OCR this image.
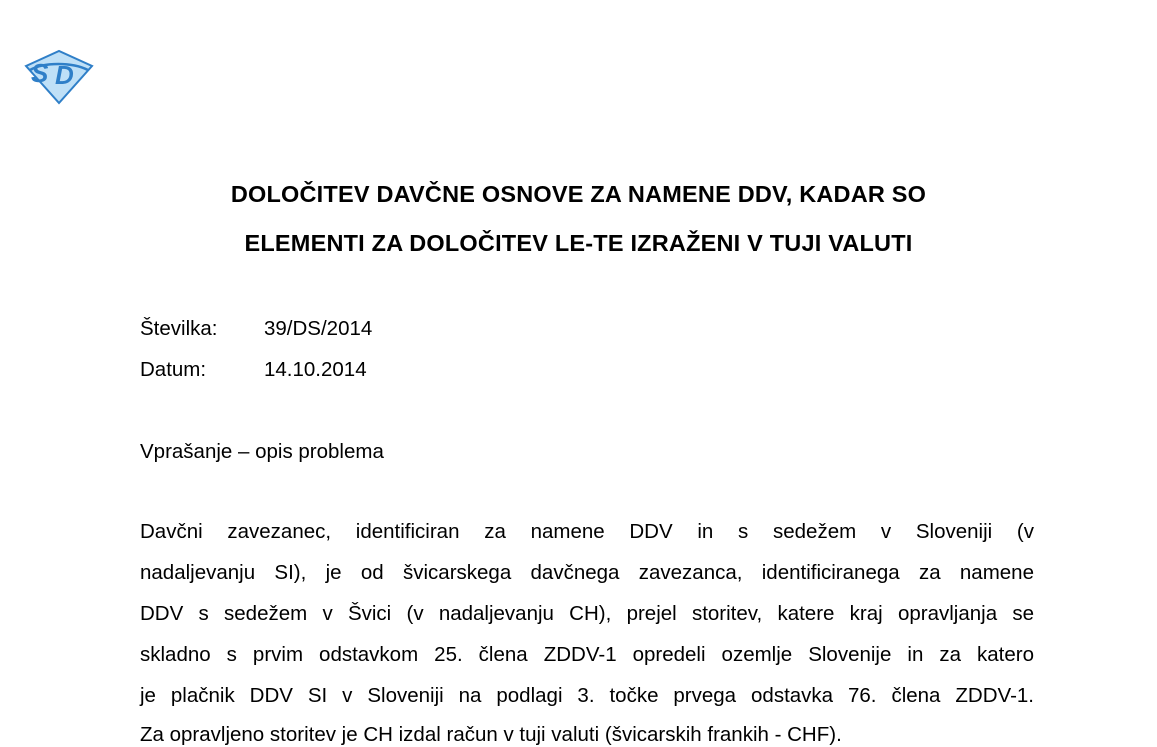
S D
DOLOČITEV DAVČNE OSNOVE ZA NAMENE DDV, KADAR SO
ELEMENTI ZA DOLOČITEV LE-TE IZRAŽENI V TUJI VALUTI
Številka: 39/DS/2014
Datum:	14.10.2014
Vprašanje – opis problema
Davčni zavezanec, identificiran za namene DDV in s sedežem v Sloveniji (v
nadaljevanju SI), je od švicarskega davčnega zavezanca, identificiranega za namene
DDV s sedežem v Švici (v nadaljevanju CH), prejel storitev, katere kraj opravljanja se
skladno s prvim odstavkom 25. člena ZDDV-1 opredeli ozemlje Slovenije in za katero
je plačnik DDV SI v Sloveniji na podlagi 3. točke prvega odstavka 76. člena ZDDV-1.
Za opravljeno storitev je CH izdal račun v tuji valuti (švicarskih frankih - CHF).
